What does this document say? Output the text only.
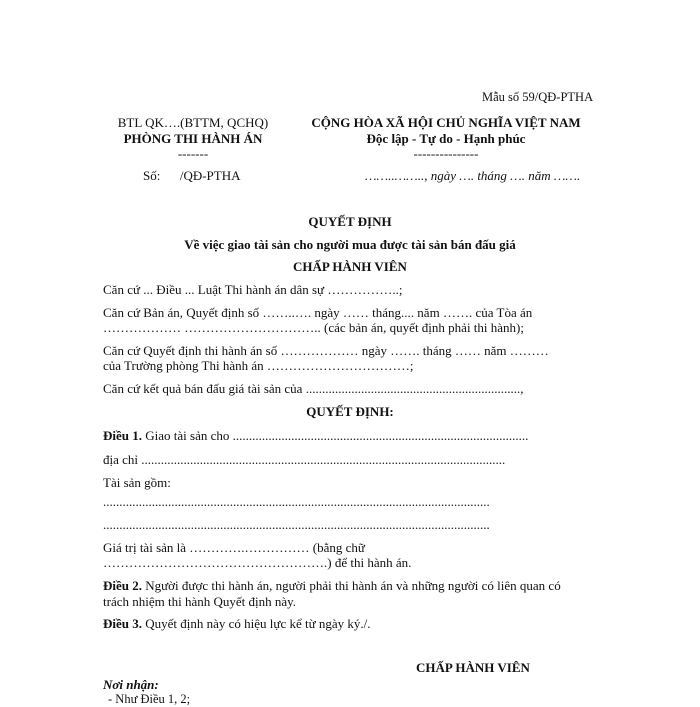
Mẫu số 59/QĐ-PTHA
BTL QK….(BTTM, QCHQ)
PHÒNG THI HÀNH ÁN
-------
Số:      /QĐ-PTHA
CỘNG HÒA XÃ HỘI CHỦ NGHĨA VIỆT NAM
Độc lập - Tự do - Hạnh phúc
---------------
……..…….., ngày …. tháng …. năm …….
QUYẾT ĐỊNH
Về việc giao tài sản cho người mua được tài sản bán đấu giá
CHẤP HÀNH VIÊN
Căn cứ ... Điều ... Luật Thi hành án dân sự ……………..;
Căn cứ Bản án, Quyết định số ……..…. ngày …… tháng.... năm ……. của Tòa án
……………… ………………………….. (các bản án, quyết định phải thi hành);
Căn cứ Quyết định thi hành án số ……………… ngày ……. tháng …… năm ………
của Trường phòng Thi hành án ……………………………;
Căn cứ kết quả bán đấu giá tài sản của ..................................................................,
QUYẾT ĐỊNH:
Điều 1. Giao tài sản cho ...........................................................................................
địa chỉ ................................................................................................................
Tài sản gồm:
.......................................................................................................................
.......................................................................................................................
Giá trị tài sản là ………….…………… (bằng chữ
…………………………………………….) để thi hành án.
Điều 2. Người được thi hành án, người phải thi hành án và những người có liên quan có
trách nhiệm thi hành Quyết định này.
Điều 3. Quyết định này có hiệu lực kể từ ngày ký./.
CHẤP HÀNH VIÊN
Nơi nhận:
- Như Điều 1, 2;
